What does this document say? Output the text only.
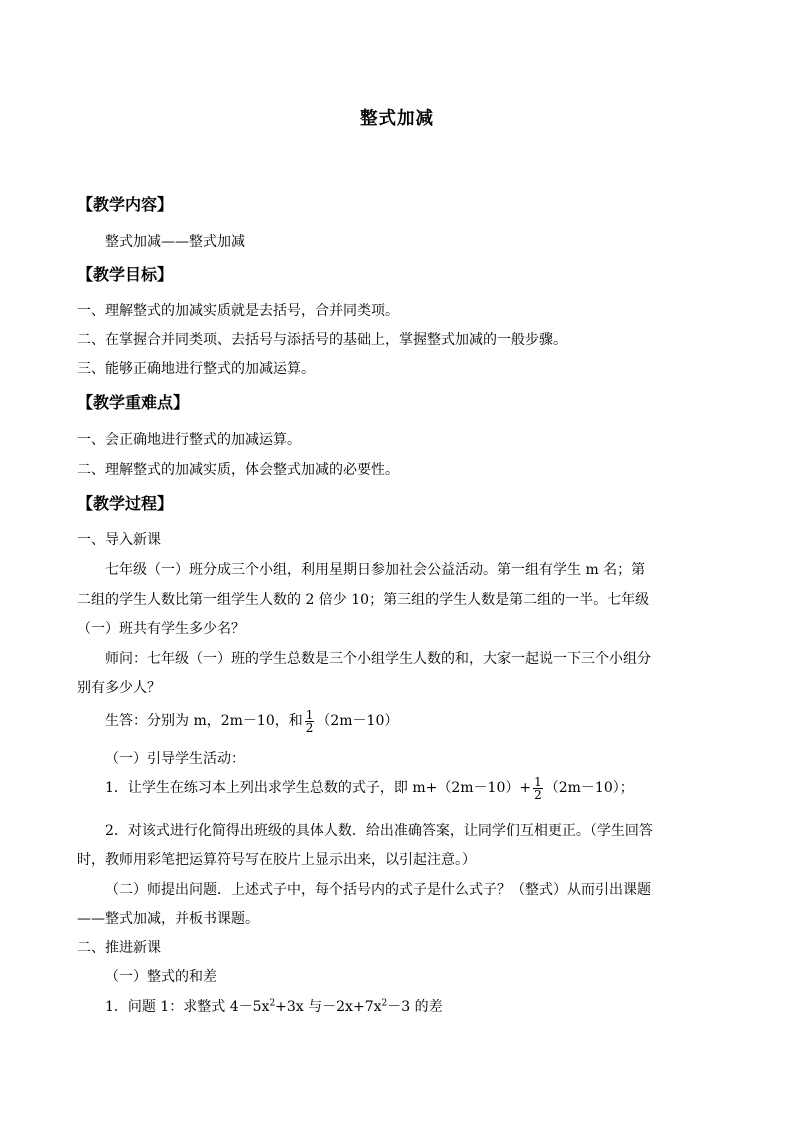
整式加减
【教学内容】
整式加减——整式加减
【教学目标】
一、理解整式的加减实质就是去括号，合并同类项。
二、在掌握合并同类项、去括号与添括号的基础上，掌握整式加减的一般步骤。
三、能够正确地进行整式的加减运算。
【教学重难点】
一、会正确地进行整式的加减运算。
二、理解整式的加减实质，体会整式加减的必要性。
【教学过程】
一、导入新课
七年级（一）班分成三个小组，利用星期日参加社会公益活动。第一组有学生 m 名；第
二组的学生人数比第一组学生人数的 2 倍少 10；第三组的学生人数是第二组的一半。七年级
（一）班共有学生多少名？
师问：七年级（一）班的学生总数是三个小组学生人数的和，大家一起说一下三个小组分
别有多少人？
生答：分别为 m，2m－10，和 $\frac{1}{2} (2m-10)$
（一）引导学生活动：
1．让学生在练习本上列出求学生总数的式子，即 $m+(2m-10)+ \frac{1}{2} (2m-10)$；
2．对该式进行化简得出班级的具体人数．给出准确答案，让同学们互相更正。（学生回答
时，教师用彩笔把运算符号写在胶片上显示出来，以引起注意。）
（二）师提出问题．上述式子中，每个括号内的式子是什么式子？（整式）从而引出课题
——整式加减，并板书课题。
二、推进新课
（一）整式的和差
1．问题 1：求整式 $4-5x^2+3x$ 与$-2x+7x^2-3$ 的差
